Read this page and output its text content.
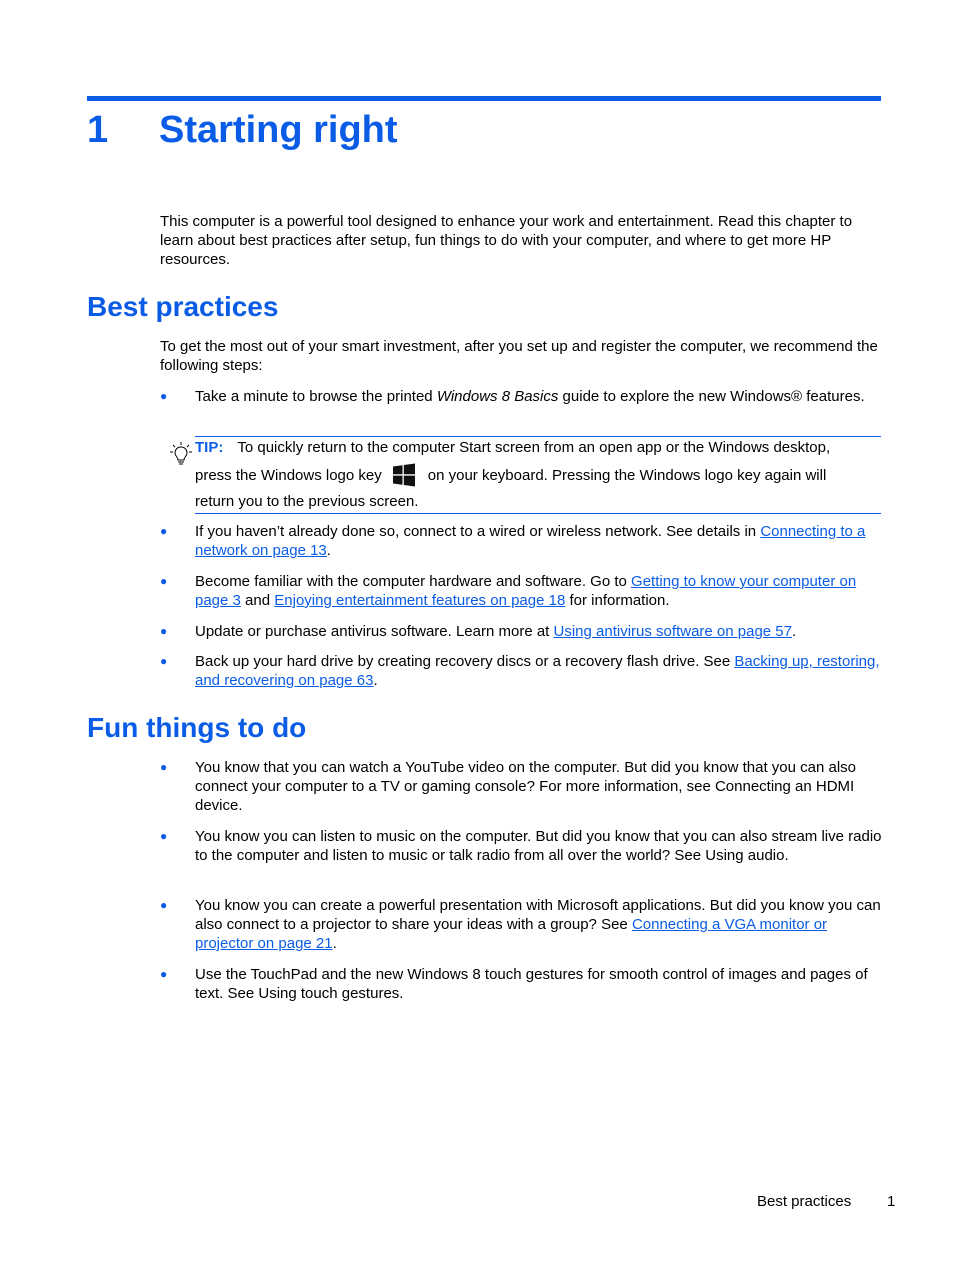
1 Starting right

This computer is a powerful tool designed to enhance your work and entertainment. Read this chapter to learn about best practices after setup, fun things to do with your computer, and where to get more HP resources.

Best practices

To get the most out of your smart investment, after you set up and register the computer, we recommend the following steps:

● Take a minute to browse the printed Windows 8 Basics guide to explore the new Windows® features.

TIP: To quickly return to the computer Start screen from an open app or the Windows desktop,
press the Windows logo key	on your keyboard. Pressing the Windows logo key again will
return you to the previous screen.
● If you haven’t already done so, connect to a wired or wireless network. See details in Connecting to a network on page 13.

● Become familiar with the computer hardware and software. Go to Getting to know your computer on page 3 and Enjoying entertainment features on page 18 for information.

● Update or purchase antivirus software. Learn more at Using antivirus software on page 57.

● Back up your hard drive by creating recovery discs or a recovery flash drive. See Backing up, restoring, and recovering on page 63.

Fun things to do
● You know that you can watch a YouTube video on the computer. But did you know that you can also connect your computer to a TV or gaming console? For more information, see Connecting an HDMI device.

● You know you can listen to music on the computer. But did you know that you can also stream live radio to the computer and listen to music or talk radio from all over the world? See Using audio.

● You know you can create a powerful presentation with Microsoft applications. But did you know you can also connect to a projector to share your ideas with a group? See Connecting a VGA monitor or projector on page 21.

● Use the TouchPad and the new Windows 8 touch gestures for smooth control of images and pages of text. See Using touch gestures.

Best practices 1
